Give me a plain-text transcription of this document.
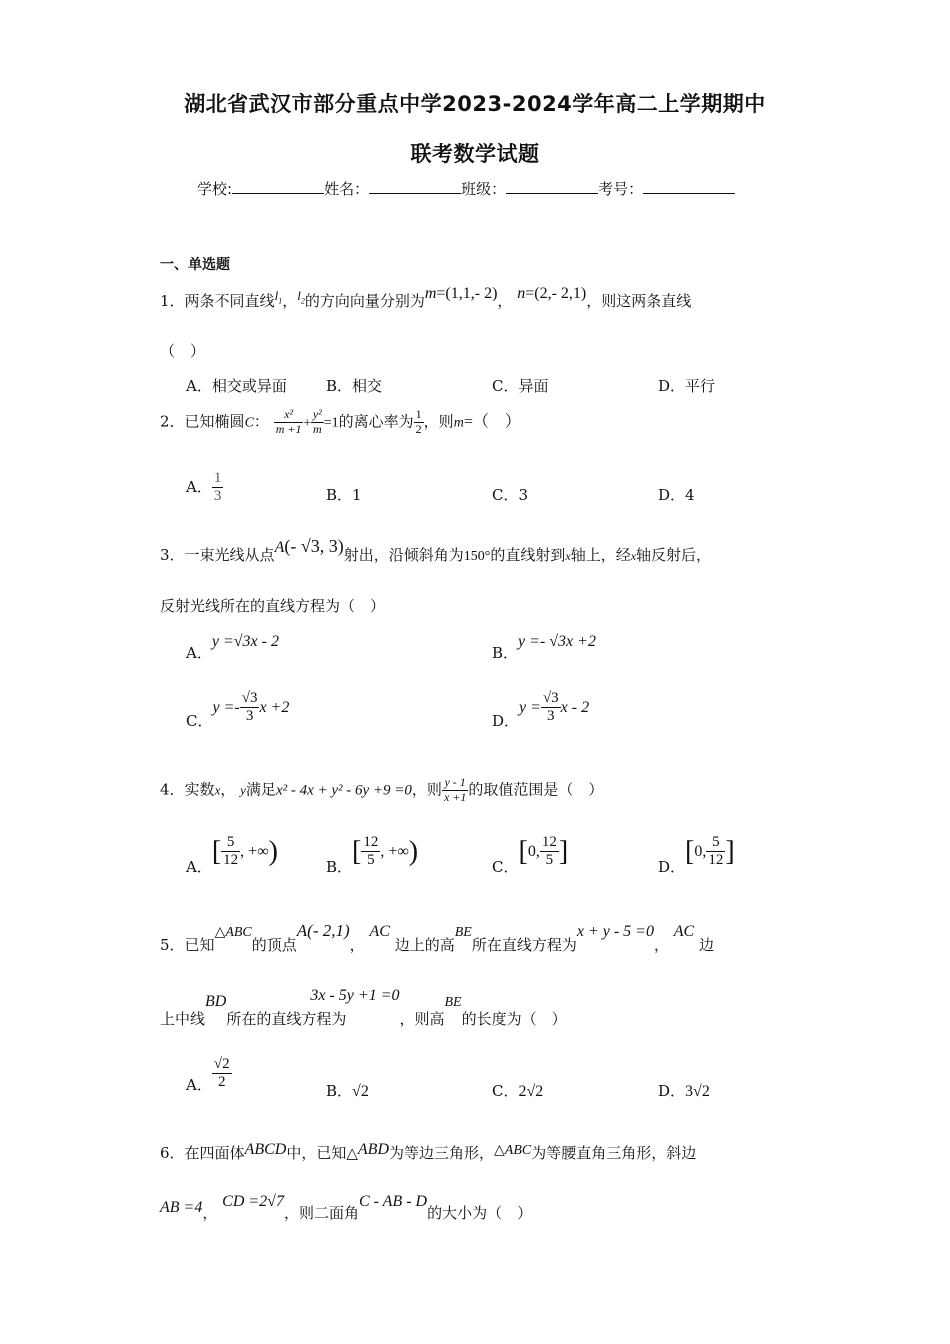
湖北省武汉市部分重点中学2023-2024学年高二上学期期中
联考数学试题
学校:	姓名：	班级：	考号：
一、单选题
1．两条不同直线$l_1$，$l_2$的方向向量分别为m=(1,1,- 2)， n=(2,- 2,1)，则这两条直线
（　）
A．相交或异面	B．相交	C．异面	D．平行
2．已知椭圆C： $\frac{\text{x²}}{m +1} + \frac{\text{y²}}{m} =1$的离心率为 $\frac{1}{2}$ ，则m=（　）
A． $\frac{1}{3}$	B．1	C．3	D．4
3．一束光线从点A(- √3, 3)射出，沿倾斜角为150°的直线射到x轴上，经x轴反射后，
反射光线所在的直线方程为（　）
A．y =√3x - 2
B．y =- √3x +2
C．$y =- \frac{√3}{3}$ x +2
D．$y = \frac{√3}{3}$ x - 2
4．实数x， y满足x² - 4x + y² - 6y +9 =0，则 $\frac{y - 1}{x +1}$ 的取值范围是（　）
A．[ $\frac{5}{12}$ , +∞)	B．[ $\frac{12}{5}$ , +∞)	C．[0, $\frac{12}{5}$ ]	D．[0, $\frac{5}{12}$ ]
5．已知△ABC的顶点A(- 2,1)， AC 边上的高BE所在直线方程为x + y - 5 =0， AC 边
上中线BD所在的直线方程为3x - 5y +1 =0，则高BE的长度为（　）
A． $\frac{√2}{2}$	B．√2	C．2√2	D．3√2
6．在四面体ABCD中，已知△ABD为等边三角形，△ABC为等腰直角三角形，斜边
AB =4， CD =2√7，则二面角C - AB - D的大小为（　）
